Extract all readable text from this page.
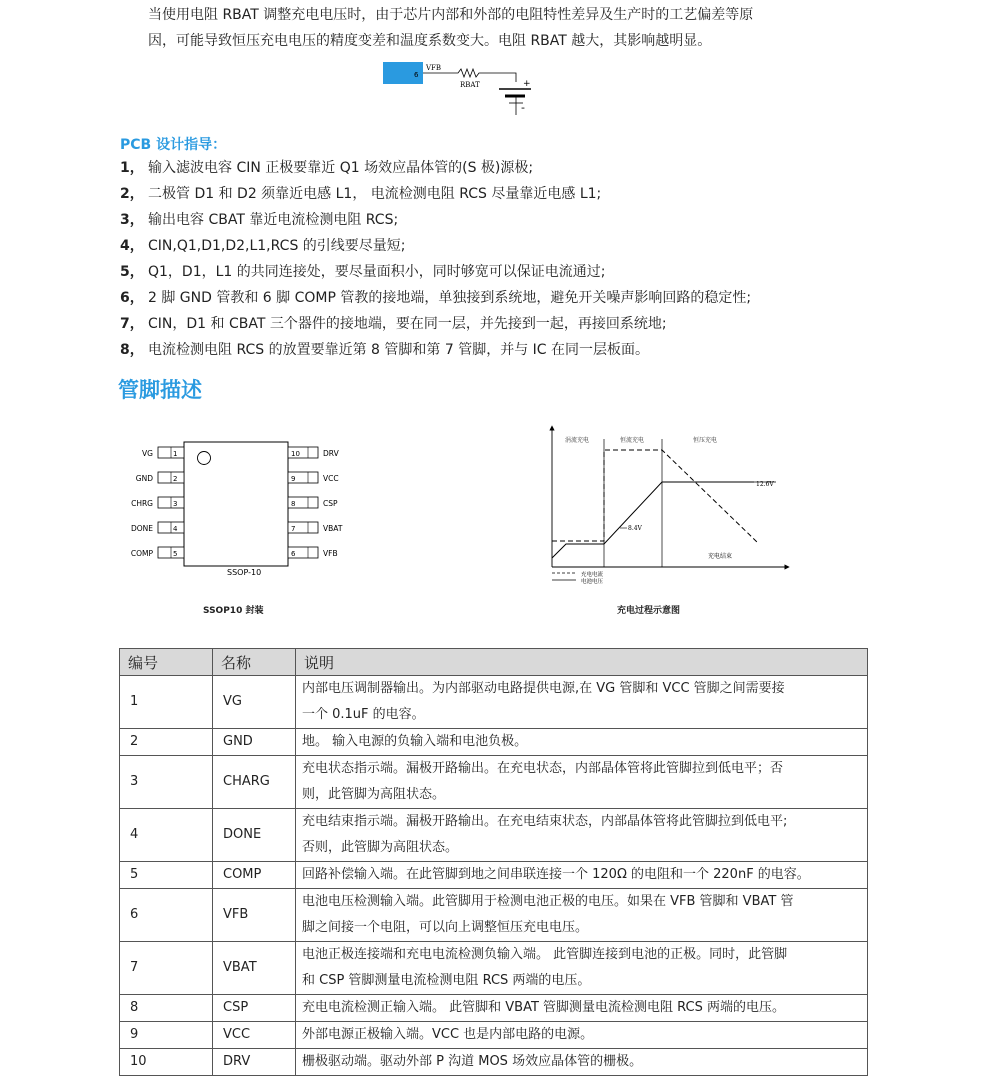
当使用电阻 RBAT 调整充电电压时，由于芯片内部和外部的电阻特性差异及生产时的工艺偏差等原

因，可能导致恒压充电电压的精度变差和温度系数变大。电阻 RBAT 越大，其影响越明显。

6
VFB
RBAT	+
-
PCB 设计指导：
1， 输入滤波电容 CIN 正极要靠近 Q1 场效应晶体管的(S 极)源极;
2， 二极管 D1 和 D2 须靠近电感 L1， 电流检测电阻 RCS 尽量靠近电感 L1;
3， 输出电容 CBAT 靠近电流检测电阻 RCS;
4， CIN,Q1,D1,D2,L1,RCS 的引线要尽量短;
5， Q1，D1，L1 的共同连接处，要尽量面积小，同时够宽可以保证电流通过;
6， 2 脚 GND 管教和 6 脚 COMP 管教的接地端，单独接到系统地，避免开关噪声影响回路的稳定性;
7， CIN，D1 和 CBAT 三个器件的接地端，要在同一层，并先接到一起，再接回系统地;
8， 电流检测电阻 RCS 的放置要靠近第 8 管脚和第 7 管脚，并与 IC 在同一层板面。
管脚描述
SSOP-10
1
VG
2
GND
3
CHRG
4
DONE
5
COMP
10	DRV
9	VCC
8	CSP
7	VBAT
6	VFB
SSOP10 封装
涓流充电	恒流充电	恒压充电
12.6V
8.4V
充电结束
充电电流
电池电压
充电过程示意图
编号	名称	说明
1	VG	内部电压调制器输出。为内部驱动电路提供电源,在 VG 管脚和 VCC 管脚之间需要接
一个 0.1uF 的电容。

2	GND	地。 输入电源的负输入端和电池负极。

3	CHARG	充电状态指示端。漏极开路输出。在充电状态，内部晶体管将此管脚拉到低电平；否
则，此管脚为高阻状态。

4	DONE	充电结束指示端。漏极开路输出。在充电结束状态，内部晶体管将此管脚拉到低电平;
否则，此管脚为高阻状态。

5	COMP	回路补偿输入端。在此管脚到地之间串联连接一个 120Ω 的电阻和一个 220nF 的电容。

6	VFB	电池电压检测输入端。此管脚用于检测电池正极的电压。如果在 VFB 管脚和 VBAT 管
脚之间接一个电阻，可以向上调整恒压充电电压。

7	VBAT	电池正极连接端和充电电流检测负输入端。 此管脚连接到电池的正极。同时，此管脚
和 CSP 管脚测量电流检测电阻 RCS 两端的电压。

8	CSP	充电电流检测正输入端。 此管脚和 VBAT 管脚测量电流检测电阻 RCS 两端的电压。

9	VCC	外部电源正极输入端。VCC 也是内部电路的电源。

10	DRV	栅极驱动端。驱动外部 P 沟道 MOS 场效应晶体管的栅极。
